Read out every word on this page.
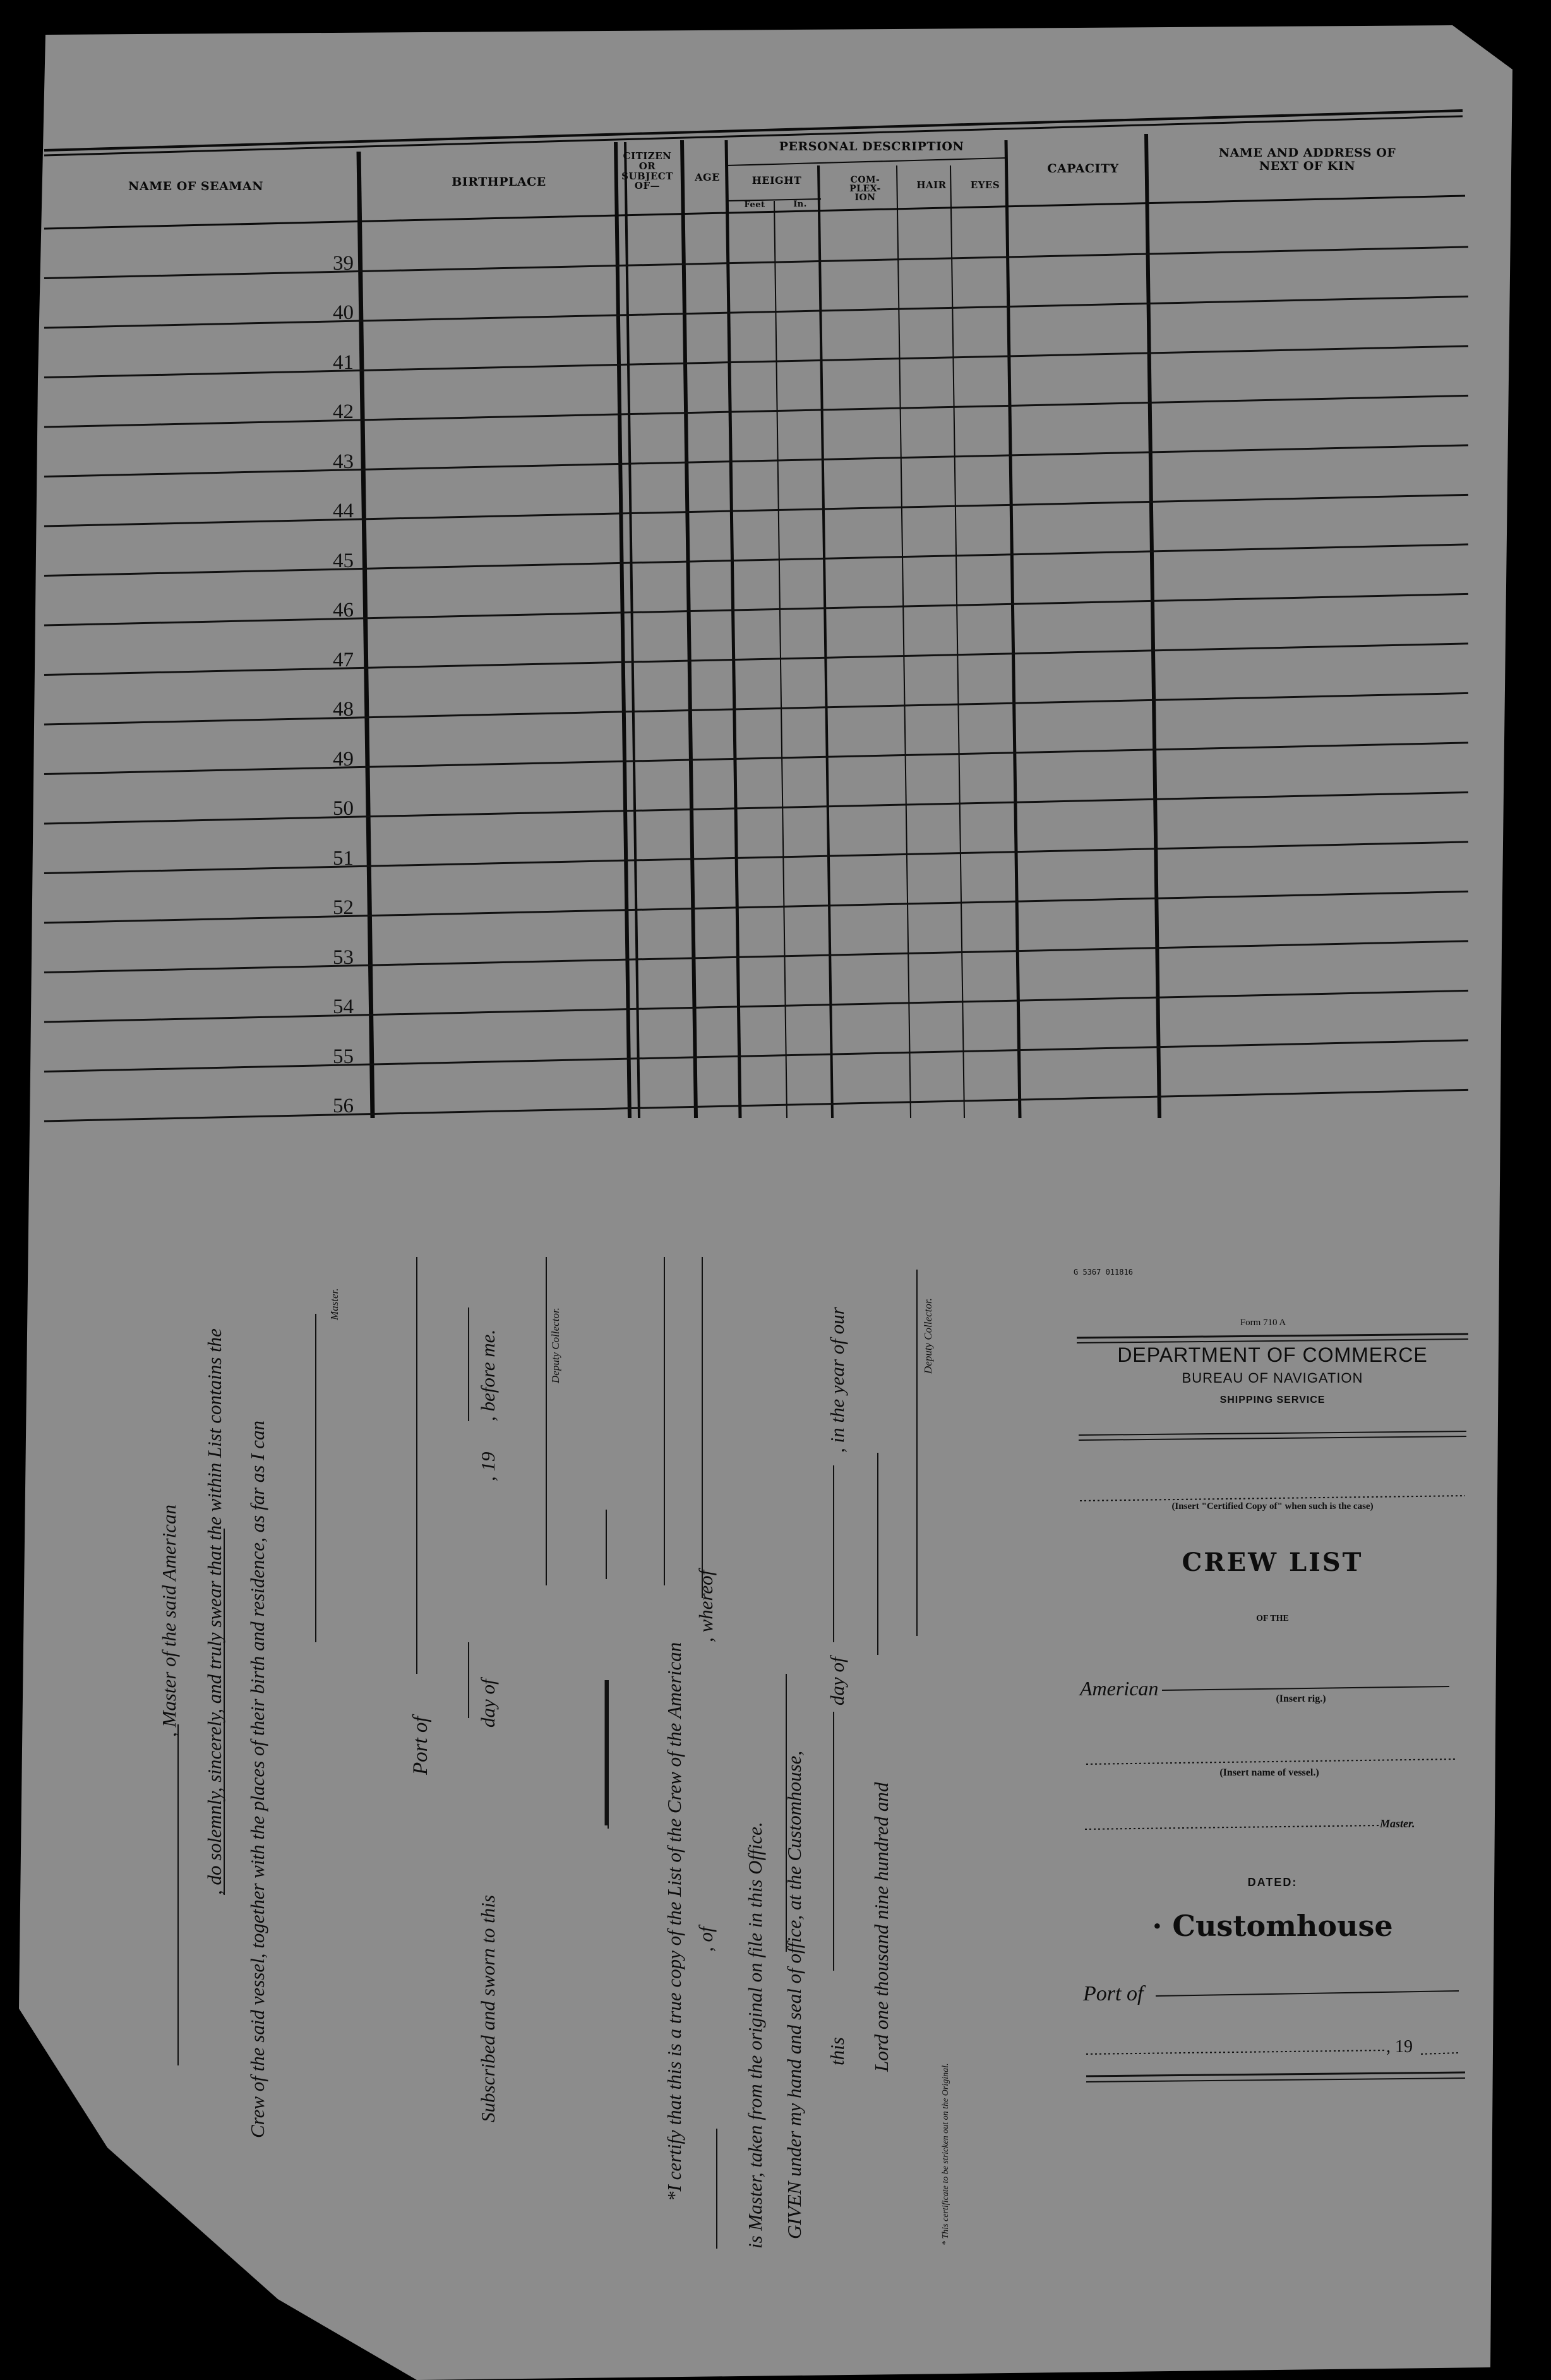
NAME OF SEAMAN	BIRTHPLACE
CITIZEN
OR
SUBJECT
OF—
AGE
PERSONAL DESCRIPTION
HEIGHT
Feet	In.
COM-
PLEX-
ION
HAIR	EYES
CAPACITY
NAME AND ADDRESS OF
NEXT OF KIN
39
40
41
42
43
44
45
46
47
48
49
50
51
52
53
54
55
56
, Master of the said American , do solemnly, sincerely, and truly swear that the within List contains the Crew of the said vessel, together with the places of their birth and residence, as far as I can
Master.
Port of
Subscribed and sworn to this
day of
, 19
, before me.	Deputy Collector.
*I certify that this is a true copy of the List of the Crew of the American , of
, whereof
is Master, taken from the original on file in this Office. GIVEN under my hand and seal of office, at the Customhouse, this
day of
, in the year of our
Lord one thousand nine hundred and
Deputy Collector.
* This certificate to be stricken out on the Original.
G 5367 011816
Form 710 A
DEPARTMENT OF COMMERCE
BUREAU OF NAVIGATION
SHIPPING SERVICE
(Insert "Certified Copy of" when such is the case)
CREW LIST
OF THE
American	(Insert rig.)
(Insert name of vessel.)
Master.
DATED:
· Customhouse
Port of
, 19
